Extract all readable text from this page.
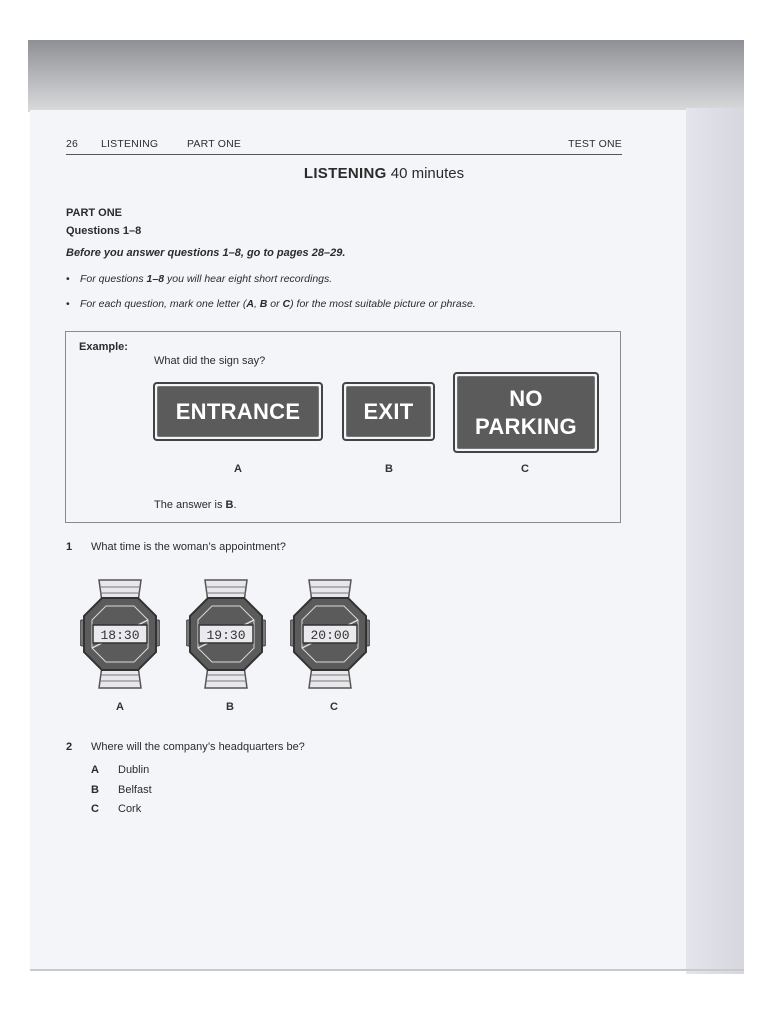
26 LISTENING	PART ONE	TEST ONE
LISTENING 40 minutes
PART ONE
Questions 1–8
Before you answer questions 1–8, go to pages 28–29.
• For questions 1–8 you will hear eight short recordings.
• For each question, mark one letter (A, B or C) for the most suitable picture or phrase.
Example:
What did the sign say?
ENTRANCE	EXIT
NO
PARKING
A	B	C
The answer is B.
1 What time is the woman’s appointment?
18:30	19:30	20:00
A	B	C
2 Where will the company’s headquarters be?
A Dublin
B Belfast
C Cork
